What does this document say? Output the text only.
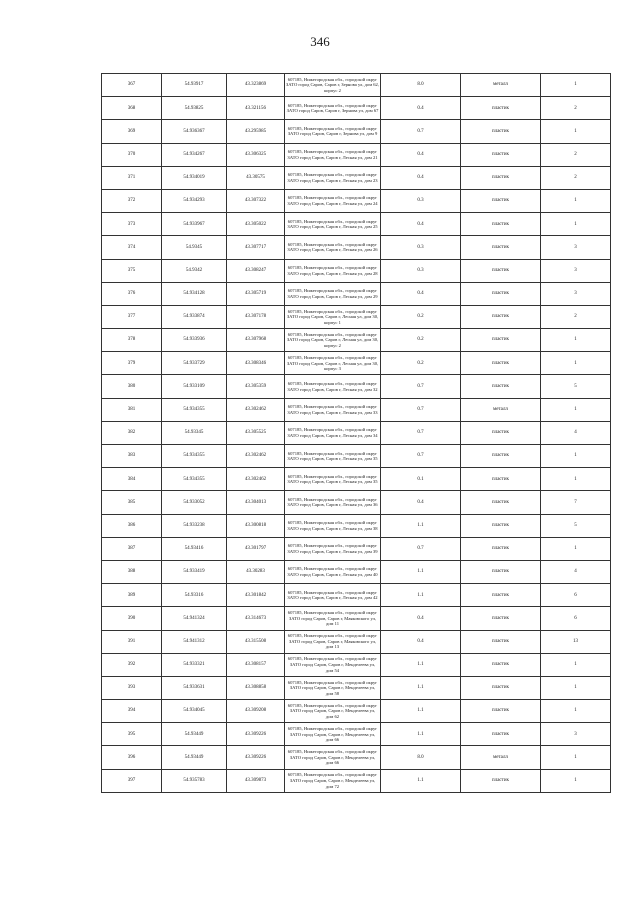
346
367	54.93917	43.323869	607185, Нижегородская обл., городской округ ЗАТО город Саров, Саров г, Зернова ул, дом 62, корпус 2	8.0	металл	1
368	54.93825	43.321156	607185, Нижегородская обл., городской округ ЗАТО город Саров, Саров г, Зернова ул, дом 67	0.4	пластик	2
369	54.936367	43.295985	607185, Нижегородская обл., городской округ ЗАТО город Саров, Саров г, Зернова ул, дом 9	0.7	пластик	1
370	54.934267	43.306325	607185, Нижегородская обл., городской округ ЗАТО город Саров, Саров г, Лесная ул, дом 21	0.4	пластик	2
371	54.934019	43.30575	607185, Нижегородская обл., городской округ ЗАТО город Саров, Саров г, Лесная ул, дом 23	0.4	пластик	2
372	54.934293	43.307322	607185, Нижегородская обл., городской округ ЗАТО город Саров, Саров г, Лесная ул, дом 24	0.3	пластик	1
373	54.933967	43.305022	607185, Нижегородская обл., городской округ ЗАТО город Саров, Саров г, Лесная ул, дом 25	0.4	пластик	1
374	54.9345	43.307717	607185, Нижегородская обл., городской округ ЗАТО город Саров, Саров г, Лесная ул, дом 26	0.3	пластик	3
375	54.9342	43.308247	607185, Нижегородская обл., городской округ ЗАТО город Саров, Саров г, Лесная ул, дом 28	0.3	пластик	3
376	54.934128	43.305719	607185, Нижегородская обл., городской округ ЗАТО город Саров, Саров г, Лесная ул, дом 29	0.4	пластик	3
377	54.933874	43.307178	607185, Нижегородская обл., городской округ ЗАТО город Саров, Саров г, Лесная ул, дом 30, корпус 1	0.2	пластик	2
378	54.933936	43.307968	607185, Нижегородская обл., городской округ ЗАТО город Саров, Саров г, Лесная ул, дом 30, корпус 2	0.2	пластик	1
379	54.933729	43.308346	607185, Нижегородская обл., городской округ ЗАТО город Саров, Саров г, Лесная ул, дом 30, корпус 3	0.2	пластик	1
380	54.933109	43.305359	607185, Нижегородская обл., городской округ ЗАТО город Саров, Саров г, Лесная ул, дом 32	0.7	пластик	5
381	54.934355	43.302462	607185, Нижегородская обл., городской округ ЗАТО город Саров, Саров г, Лесная ул, дом 33	0.7	металл	1
382	54.93345	43.305525	607185, Нижегородская обл., городской округ ЗАТО город Саров, Саров г, Лесная ул, дом 34	0.7	пластик	4
383	54.934355	43.302462	607185, Нижегородская обл., городской округ ЗАТО город Саров, Саров г, Лесная ул, дом 35	0.7	пластик	1
384	54.934355	43.302462	607185, Нижегородская обл., городской округ ЗАТО город Саров, Саров г, Лесная ул, дом 35	0.1	пластик	1
385	54.933052	43.304013	607185, Нижегородская обл., городской округ ЗАТО город Саров, Саров г, Лесная ул, дом 36	0.4	пластик	7
386	54.933238	43.300818	607185, Нижегородская обл., городской округ ЗАТО город Саров, Саров г, Лесная ул, дом 38	1.1	пластик	5
387	54.93416	43.301797	607185, Нижегородская обл., городской округ ЗАТО город Саров, Саров г, Лесная ул, дом 39	0.7	пластик	1
388	54.933419	43.30283	607185, Нижегородская обл., городской округ ЗАТО город Саров, Саров г, Лесная ул, дом 40	1.1	пластик	4
389	54.93316	43.301842	607185, Нижегородская обл., городской округ ЗАТО город Саров, Саров г, Лесная ул, дом 42	1.1	пластик	6
390	54.941324	43.314673	607185, Нижегородская обл., городской округ ЗАТО город Саров, Саров г, Маяковского ул, дом 11	0.4	пластик	6
391	54.941312	43.315508	607185, Нижегородская обл., городской округ ЗАТО город Саров, Саров г, Маяковского ул, дом 13	0.4	пластик	13
392	54.933321	43.308157	607185, Нижегородская обл., городской округ ЗАТО город Саров, Саров г, Менделеева ул, дом 54	1.1	пластик	1
393	54.933631	43.308858	607185, Нижегородская обл., городской округ ЗАТО город Саров, Саров г, Менделеева ул, дом 58	1.1	пластик	1
394	54.934045	43.309208	607185, Нижегородская обл., городской округ ЗАТО город Саров, Саров г, Менделеева ул, дом 62	1.1	пластик	1
395	54.93449	43.309226	607185, Нижегородская обл., городской округ ЗАТО город Саров, Саров г, Менделеева ул, дом 66	1.1	пластик	3
396	54.93449	43.309226	607185, Нижегородская обл., городской округ ЗАТО город Саров, Саров г, Менделеева ул, дом 66	8.0	металл	1
397	54.935783	43.309873	607185, Нижегородская обл., городской округ ЗАТО город Саров, Саров г, Менделеева ул, дом 72	1.1	пластик	1
